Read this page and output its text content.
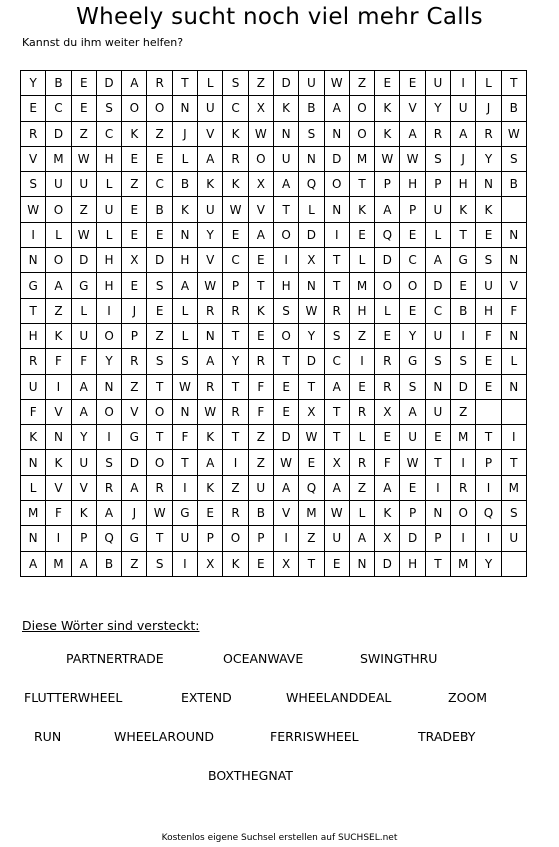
Wheely sucht noch viel mehr Calls
Kannst du ihm weiter helfen?
Y	B	E	D	A	R	T	L	S	Z	D	U	W	Z	E	E	U	I	L	T
E	C	E	S	O	O	N	U	C	X	K	B	A	O	K	V	Y	U	J	B
R	D	Z	C	K	Z	J	V	K	W	N	S	N	O	K	A	R	A	R	W
V	M	W	H	E	E	L	A	R	O	U	N	D	M	W	W	S	J	Y	S
S	U	U	L	Z	C	B	K	K	X	A	Q	O	T	P	H	P	H	N	B
W	O	Z	U	E	B	K	U	W	V	T	L	N	K	A	P	U	K	K	
I	L	W	L	E	E	N	Y	E	A	O	D	I	E	Q	E	L	T	E	N
N	O	D	H	X	D	H	V	C	E	I	X	T	L	D	C	A	G	S	N
G	A	G	H	E	S	A	W	P	T	H	N	T	M	O	O	D	E	U	V
T	Z	L	I	J	E	L	R	R	K	S	W	R	H	L	E	C	B	H	F
H	K	U	O	P	Z	L	N	T	E	O	Y	S	Z	E	Y	U	I	F	N
R	F	F	Y	R	S	S	A	Y	R	T	D	C	I	R	G	S	S	E	L
U	I	A	N	Z	T	W	R	T	F	E	T	A	E	R	S	N	D	E	N
F	V	A	O	V	O	N	W	R	F	E	X	T	R	X	A	U	Z		
K	N	Y	I	G	T	F	K	T	Z	D	W	T	L	E	U	E	M	T	I
N	K	U	S	D	O	T	A	I	Z	W	E	X	R	F	W	T	I	P	T
L	V	V	R	A	R	I	K	Z	U	A	Q	A	Z	A	E	I	R	I	M
M	F	K	A	J	W	G	E	R	B	V	M	W	L	K	P	N	O	Q	S
N	I	P	Q	G	T	U	P	O	P	I	Z	U	A	X	D	P	I	I	U
A	M	A	B	Z	S	I	X	K	E	X	T	E	N	D	H	T	M	Y	
Diese Wörter sind versteckt:
PARTNERTRADE	OCEANWAVE	SWINGTHRU
FLUTTERWHEEL	EXTEND	WHEELANDDEAL	ZOOM
RUN	WHEELAROUND	FERRISWHEEL	TRADEBY
BOXTHEGNAT
Kostenlos eigene Suchsel erstellen auf SUCHSEL.net
